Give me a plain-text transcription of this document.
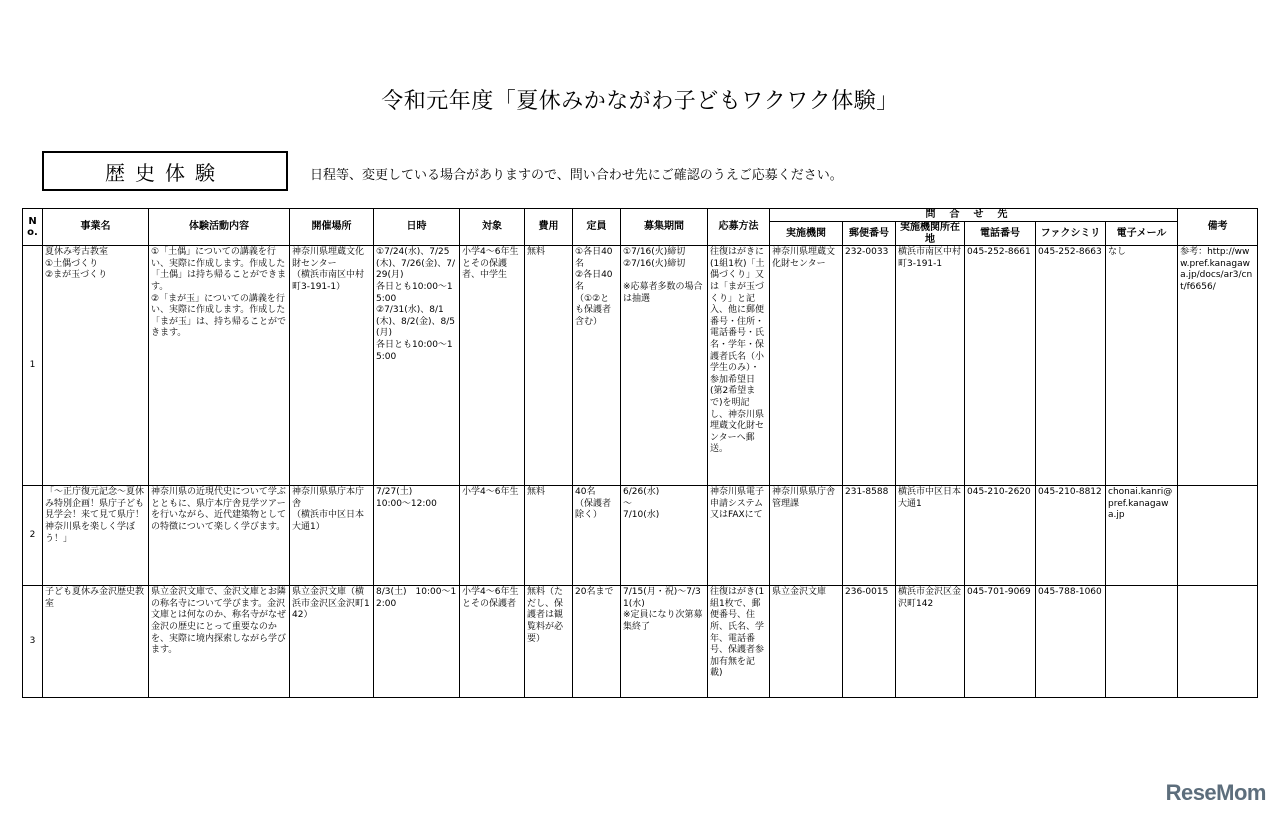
令和元年度「夏休みかながわ子どもワクワク体験」
歴史体験	日程等、変更している場合がありますので、問い合わせ先にご確認のうえご応募ください。
No.	事業名	体験活動内容	開催場所	日時	対象	費用	定員	募集期間	応募方法	問合せ先						備考
										実施機関	郵便番号	実施機関所在地	電話番号	ファクシミリ	電子メール	
1	夏休み考古教室
①土偶づくり
②まが玉づくり	①「土偶」についての講義を行い、実際に作成します。作成した「土偶」は持ち帰ることができます。
②「まが玉」についての講義を行い、実際に作成します。作成した「まが玉」は、持ち帰ることができます。	神奈川県埋蔵文化財センター
（横浜市南区中村町3-191-1）	①7/24(水)、7/25(木)、7/26(金)、7/29(月)
各日とも10:00～15:00
②7/31(水)、8/1(木)、8/2(金)、8/5(月)
各日とも10:00～15:00	小学4～6年生とその保護者、中学生	無料	①各日40名
②各日40名
（①②とも保護者含む）	①7/16(火)締切
②7/16(火)締切

※応募者多数の場合は抽選	往復はがきに(1組1枚)「土偶づくり」又は「まが玉づくり」と記入、他に郵便番号・住所・電話番号・氏名・学年・保護者氏名（小学生のみ）・参加希望日(第2希望まで)を明記し、神奈川県埋蔵文化財センターへ郵送。	神奈川県埋蔵文化財センター	232-0033	横浜市南区中村町3-191-1	045-252-8661	045-252-8663	なし	参考：http://www.pref.kanagawa.jp/docs/ar3/cnt/f6656/
2	「～正庁復元記念～夏休み特別企画！県庁子ども見学会！来て見て県庁！神奈川県を楽しく学ぼう！」	神奈川県の近現代史について学ぶとともに、県庁本庁舎見学ツアーを行いながら、近代建築物としての特徴について楽しく学びます。	神奈川県県庁本庁舎
（横浜市中区日本大通1）	7/27(土)
10:00～12:00	小学4～6年生	無料	40名
（保護者除く）	6/26(水)
～
7/10(水)	神奈川県電子申請システム又はFAXにて	神奈川県県庁舎管理課	231-8588	横浜市中区日本大通1	045-210-2620	045-210-8812	chonai.kanri@pref.kanagawa.jp	
3	子ども夏休み金沢歴史教室	県立金沢文庫で、金沢文庫とお隣の称名寺について学びます。金沢文庫とは何なのか、称名寺がなぜ金沢の歴史にとって重要なのかを、実際に境内探索しながら学びます。	県立金沢文庫（横浜市金沢区金沢町142）	8/3(土)　10:00～12:00	小学4～6年生とその保護者	無料（ただし、保護者は観覧料が必要）	20名まで	7/15(月・祝)～7/31(水)
※定員になり次第募集終了	往復はがき(1組1枚で、郵便番号、住所、氏名、学年、電話番号、保護者参加有無を記載)	県立金沢文庫	236-0015	横浜市金沢区金沢町142	045-701-9069	045-788-1060		
ReseMom
